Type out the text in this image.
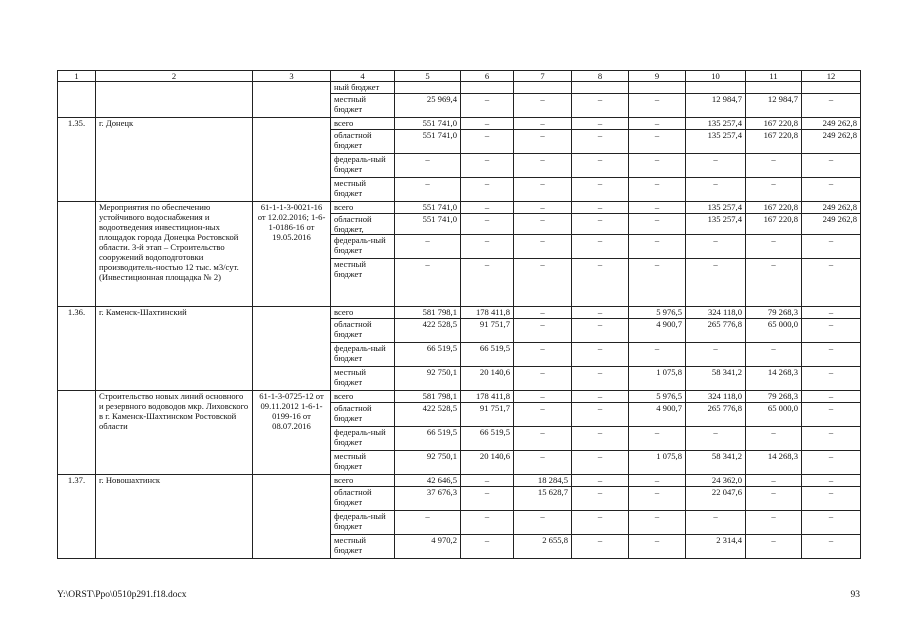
1	2	3	4	5	6	7	8	9	10	11	12
			ный бюджет								
			местный бюджет	25 969,4	–	–	–	–	12 984,7	12 984,7	–
1.35.	г. Донецк		всего	551 741,0	–	–	–	–	135 257,4	167 220,8	249 262,8
			областной бюджет	551 741,0	–	–	–	–	135 257,4	167 220,8	249 262,8
			федераль-ный бюджет	–	–	–	–	–	–	–	–
			местный бюджет	–	–	–	–	–	–	–	–
	Мероприятия по обеспечению устойчивого водоснабжения и водоотведения инвестицион-ных площадок города Донецка Ростовской области. 3-й этап – Строительство сооружений водоподготовки производитель-ностью 12 тыс. м3/сут. (Инвестиционная площадка № 2)	61-1-1-3-0021-16 от 12.02.2016; 1-6-1-0186-16 от 19.05.2016	всего	551 741,0	–	–	–	–	135 257,4	167 220,8	249 262,8
			областной бюджет,	551 741,0	–	–	–	–	135 257,4	167 220,8	249 262,8
			федераль-ный бюджет	–	–	–	–	–	–	–	–
			местный бюджет	–	–	–	–	–	–	–	–
1.36.	г. Каменск-Шахтинский		всего	581 798,1	178 411,8	–	–	5 976,5	324 118,0	79 268,3	–
			областной бюджет	422 528,5	91 751,7	–	–	4 900,7	265 776,8	65 000,0	–
			федераль-ный бюджет	66 519,5	66 519,5	–	–	–	–	–	–
			местный бюджет	92 750,1	20 140,6	–	–	1 075,8	58 341,2	14 268,3	–
	Строительство новых линий основного и резервного водоводов мкр. Лиховского в г. Каменск-Шахтинском Ростовской области	61-1-3-0725-12 от 09.11.2012 1-6-1-0199-16 от 08.07.2016	всего	581 798,1	178 411,8	–	–	5 976,5	324 118,0	79 268,3	–
			областной бюджет	422 528,5	91 751,7	–	–	4 900,7	265 776,8	65 000,0	–
			федераль-ный бюджет	66 519,5	66 519,5	–	–	–	–	–	–
			местный бюджет	92 750,1	20 140,6	–	–	1 075,8	58 341,2	14 268,3	–
1.37.	г. Новошахтинск		всего	42 646,5	–	18 284,5	–	–	24 362,0	–	–
			областной бюджет	37 676,3	–	15 628,7	–	–	22 047,6	–	–
			федераль-ный бюджет	–	–	–	–	–	–	–	–
			местный бюджет	4 970,2	–	2 655,8	–	–	2 314,4	–	–
Y:\ORST\Ppo\0510p291.f18.docx	93
